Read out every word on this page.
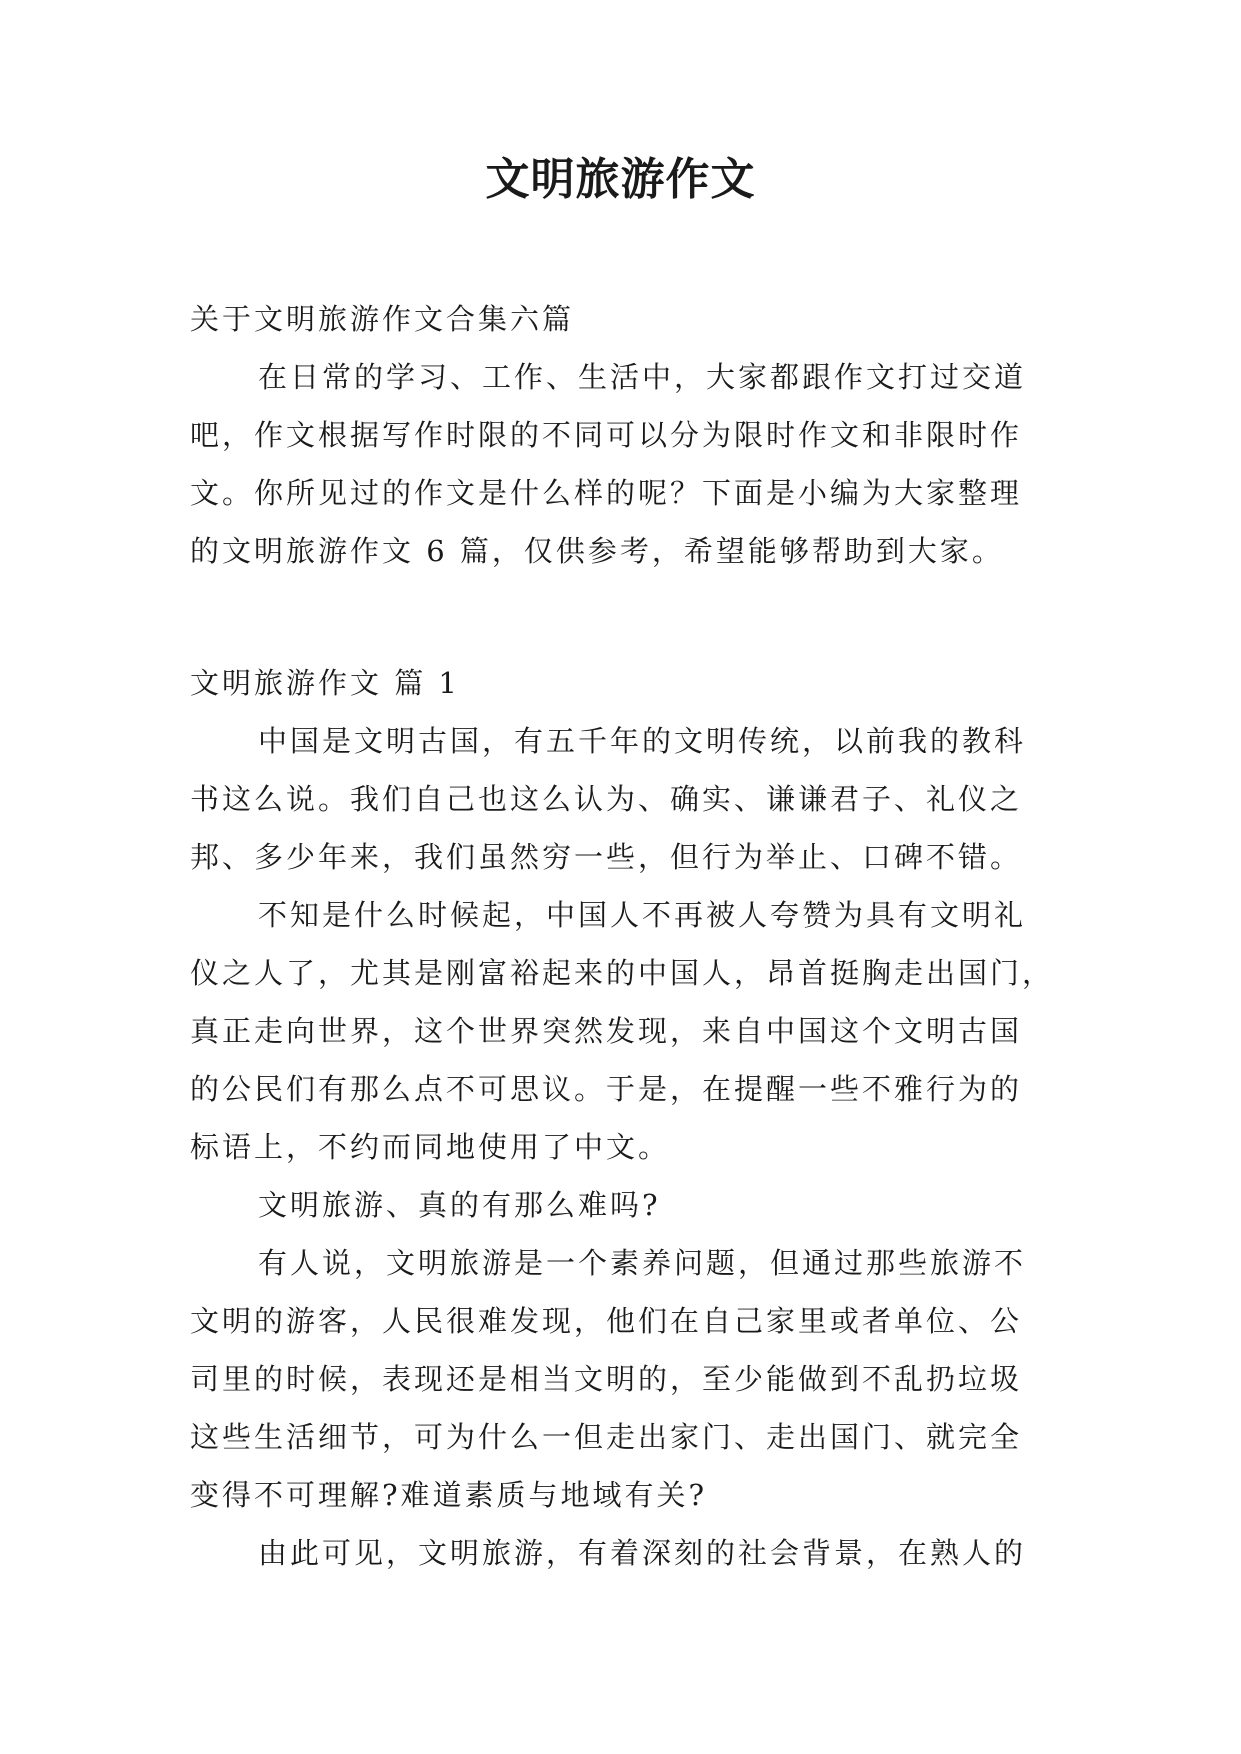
文明旅游作文
关于文明旅游作文合集六篇
在日常的学习、工作、生活中，大家都跟作文打过交道
吧，作文根据写作时限的不同可以分为限时作文和非限时作
文。你所见过的作文是什么样的呢？下面是小编为大家整理
的文明旅游作文 6 篇，仅供参考，希望能够帮助到大家。
文明旅游作文 篇 1
中国是文明古国，有五千年的文明传统，以前我的教科
书这么说。我们自己也这么认为、确实、谦谦君子、礼仪之
邦、多少年来，我们虽然穷一些，但行为举止、口碑不错。
不知是什么时候起，中国人不再被人夸赞为具有文明礼
仪之人了，尤其是刚富裕起来的中国人，昂首挺胸走出国门，
真正走向世界，这个世界突然发现，来自中国这个文明古国
的公民们有那么点不可思议。于是，在提醒一些不雅行为的
标语上，不约而同地使用了中文。
文明旅游、真的有那么难吗?
有人说，文明旅游是一个素养问题，但通过那些旅游不
文明的游客，人民很难发现，他们在自己家里或者单位、公
司里的时候，表现还是相当文明的，至少能做到不乱扔垃圾
这些生活细节，可为什么一但走出家门、走出国门、就完全
变得不可理解?难道素质与地域有关?
由此可见，文明旅游，有着深刻的社会背景，在熟人的
